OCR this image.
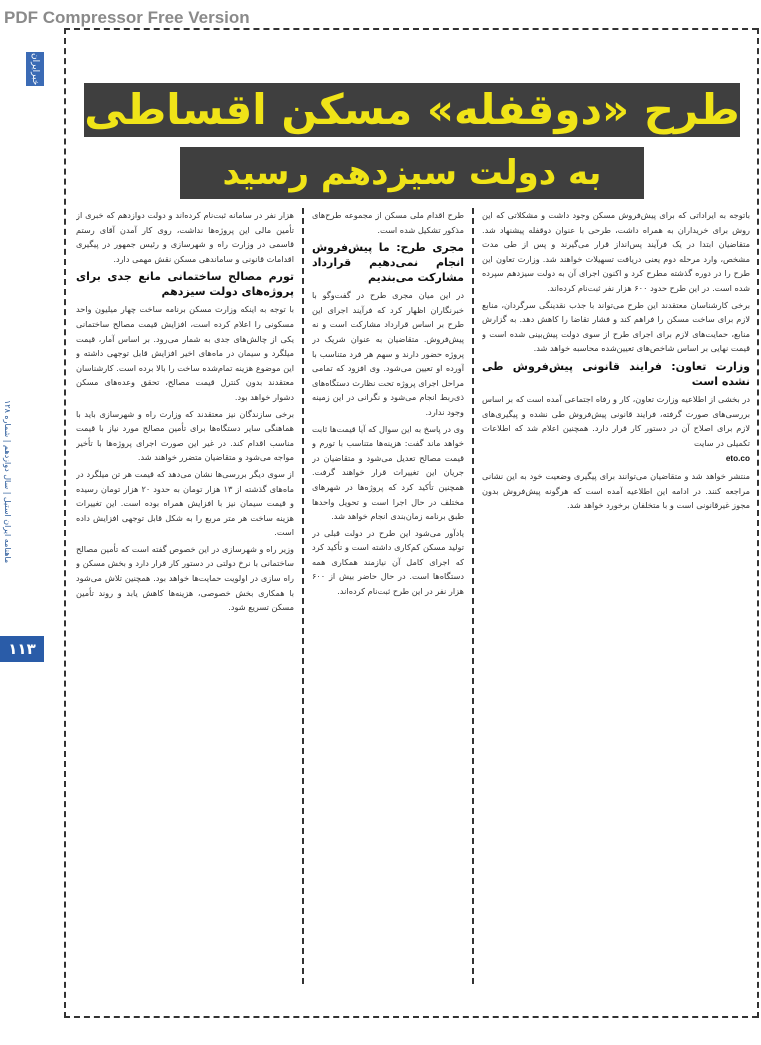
PDF Compressor Free Version
خبرایران
ماهنامه ایران استیل | سال دوازدهم | شماره ۱۲۸
۱۱۳
طرح «دوقفله» مسکن اقساطی
به دولت سیزدهم رسید

باتوجه به ایراداتی که برای پیش‌فروش مسکن وجود داشت و مشکلاتی که این روش برای خریداران به همراه داشت، طرحی با عنوان دوقفله پیشنهاد شد. متقاضیان ابتدا در یک فرآیند پس‌انداز قرار می‌گیرند و پس از طی مدت مشخص، وارد مرحله دوم یعنی دریافت تسهیلات خواهند شد. وزارت تعاون این طرح را در دوره گذشته مطرح کرد و اکنون اجرای آن به دولت سیزدهم سپرده شده است. در این طرح حدود ۶۰۰ هزار نفر ثبت‌نام کرده‌اند.

برخی کارشناسان معتقدند این طرح می‌تواند با جذب نقدینگی سرگردان، منابع لازم برای ساخت مسکن را فراهم کند و فشار تقاضا را کاهش دهد. به گزارش منابع، حمایت‌های لازم برای اجرای طرح از سوی دولت پیش‌بینی شده است و قیمت نهایی بر اساس شاخص‌های تعیین‌شده محاسبه خواهد شد.

وزارت تعاون: فرایند قانونی پیش‌فروش طی نشده است

در بخشی از اطلاعیه وزارت تعاون، کار و رفاه اجتماعی آمده است که بر اساس بررسی‌های صورت گرفته، فرایند قانونی پیش‌فروش طی نشده و پیگیری‌های لازم برای اصلاح آن در دستور کار قرار دارد. همچنین اعلام شد که اطلاعات تکمیلی در سایت

eto.co

منتشر خواهد شد و متقاضیان می‌توانند برای پیگیری وضعیت خود به این نشانی مراجعه کنند. در ادامه این اطلاعیه آمده است که هرگونه پیش‌فروش بدون مجوز غیرقانونی است و با متخلفان برخورد خواهد شد.

طرح اقدام ملی مسکن از مجموعه طرح‌های مذکور تشکیل شده است.

مجری طرح: ما پیش‌فروش انجام نمی‌دهیم قرارداد مشارکت می‌بندیم

در این میان مجری طرح در گفت‌وگو با خبرنگاران اظهار کرد که فرآیند اجرای این طرح بر اساس قرارداد مشارکت است و نه پیش‌فروش. متقاضیان به عنوان شریک در پروژه حضور دارند و سهم هر فرد متناسب با آورده او تعیین می‌شود. وی افزود که تمامی مراحل اجرای پروژه تحت نظارت دستگاه‌های ذی‌ربط انجام می‌شود و نگرانی در این زمینه وجود ندارد.

وی در پاسخ به این سوال که آیا قیمت‌ها ثابت خواهد ماند گفت: هزینه‌ها متناسب با تورم و قیمت مصالح تعدیل می‌شود و متقاضیان در جریان این تغییرات قرار خواهند گرفت. همچنین تأکید کرد که پروژه‌ها در شهرهای مختلف در حال اجرا است و تحویل واحدها طبق برنامه زمان‌بندی انجام خواهد شد.

یادآور می‌شود این طرح در دولت قبلی در تولید مسکن کم‌کاری داشته است و تأکید کرد که اجرای کامل آن نیازمند همکاری همه دستگاه‌ها است. در حال حاضر بیش از ۶۰۰ هزار نفر در این طرح ثبت‌نام کرده‌اند.

هزار نفر در سامانه ثبت‌نام کرده‌اند و دولت دوازدهم که خبری از تأمین مالی این پروژه‌ها نداشت، روی کار آمدن آقای رستم قاسمی در وزارت راه و شهرسازی و رئیس جمهور در پیگیری اقدامات قانونی و ساماندهی مسکن نقش مهمی دارد.

تورم مصالح ساختمانی مانع جدی برای پروژه‌های دولت سیزدهم

با توجه به اینکه وزارت مسکن برنامه ساخت چهار میلیون واحد مسکونی را اعلام کرده است، افزایش قیمت مصالح ساختمانی یکی از چالش‌های جدی به شمار می‌رود. بر اساس آمار، قیمت میلگرد و سیمان در ماه‌های اخیر افزایش قابل توجهی داشته و این موضوع هزینه تمام‌شده ساخت را بالا برده است. کارشناسان معتقدند بدون کنترل قیمت مصالح، تحقق وعده‌های مسکن دشوار خواهد بود.

برخی سازندگان نیز معتقدند که وزارت راه و شهرسازی باید با هماهنگی سایر دستگاه‌ها برای تأمین مصالح مورد نیاز با قیمت مناسب اقدام کند. در غیر این صورت اجرای پروژه‌ها با تأخیر مواجه می‌شود و متقاضیان متضرر خواهند شد.

از سوی دیگر بررسی‌ها نشان می‌دهد که قیمت هر تن میلگرد در ماه‌های گذشته از ۱۳ هزار تومان به حدود ۲۰ هزار تومان رسیده و قیمت سیمان نیز با افزایش همراه بوده است. این تغییرات هزینه ساخت هر متر مربع را به شکل قابل توجهی افزایش داده است.

وزیر راه و شهرسازی در این خصوص گفته است که تأمین مصالح ساختمانی با نرخ دولتی در دستور کار قرار دارد و بخش مسکن و راه سازی در اولویت حمایت‌ها خواهد بود. همچنین تلاش می‌شود با همکاری بخش خصوصی، هزینه‌ها کاهش یابد و روند تأمین مسکن تسریع شود.
